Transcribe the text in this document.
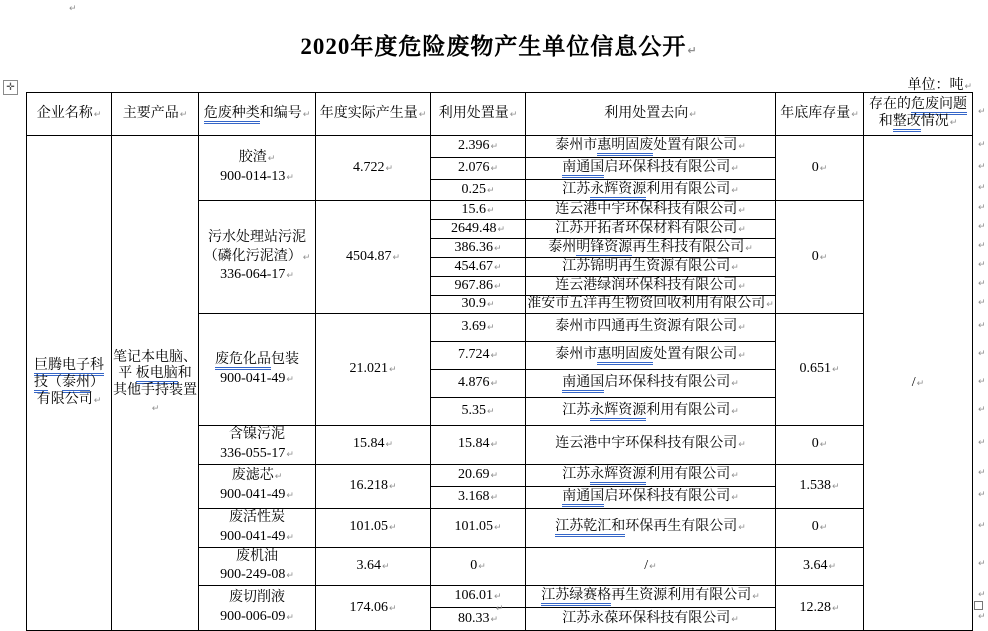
↵
2020年度危险废物产生单位信息公开↵
单位：吨↵
✛
企业名称↵	主要产品↵	危废种类和编号↵	年度实际产生量↵	利用处置量↵	利用处置去向↵	年底库存量↵	存在的危废问题和整改情况↵
巨腾电子科技（泰州）有限公司↵	笔记本电脑、平 板电脑和其他手持装置↵	胶渣↵
900-014-13↵	4.722↵	2.396↵	泰州市惠明固废处置有限公司↵	0↵	/↵
				2.076↵	南通国启环保科技有限公司↵		
				0.25↵	江苏永辉资源利用有限公司↵		

		污水处理站污泥
（磷化污泥渣）↵
336-064-17↵	4504.87↵	15.6↵	连云港中宇环保科技有限公司↵	0↵	
				2649.48↵	江苏开拓者环保材料有限公司↵		
				386.36↵	泰州明锋资源再生科技有限公司↵		
				454.67↵	江苏锦明再生资源有限公司↵		
				967.86↵	连云港绿润环保科技有限公司↵		
				30.9↵	淮安市五洋再生物资回收利用有限公司↵		

		废危化品包装
900-041-49↵	21.021↵	3.69↵	泰州市四通再生资源有限公司↵	0.651↵	
				7.724↵	泰州市惠明固废处置有限公司↵		
				4.876↵	南通国启环保科技有限公司↵		
				5.35↵	江苏永辉资源利用有限公司↵		

		含镍污泥
336-055-17↵	15.84↵	15.84↵	连云港中宇环保科技有限公司↵	0↵	

		废滤芯↵
900-041-49↵	16.218↵	20.69↵	江苏永辉资源利用有限公司↵	1.538↵	
				3.168↵	南通国启环保科技有限公司↵		

		废活性炭
900-041-49↵	101.05↵	101.05↵	江苏乾汇和环保再生有限公司↵	0↵	

		废机油
900-249-08↵	3.64↵	0↵	/↵	3.64↵	

		废切削液
900-006-09↵	174.06↵	106.01↵	江苏绿赛格再生资源利用有限公司↵	12.28↵	
				80.33↵	江苏永葆环保科技有限公司↵		
↵
↵
↵
↵
↵
↵
↵
↵
↵
↵
↵
↵
↵
↵
↵
↵
↵
↵
↵
↵
↵
↵
